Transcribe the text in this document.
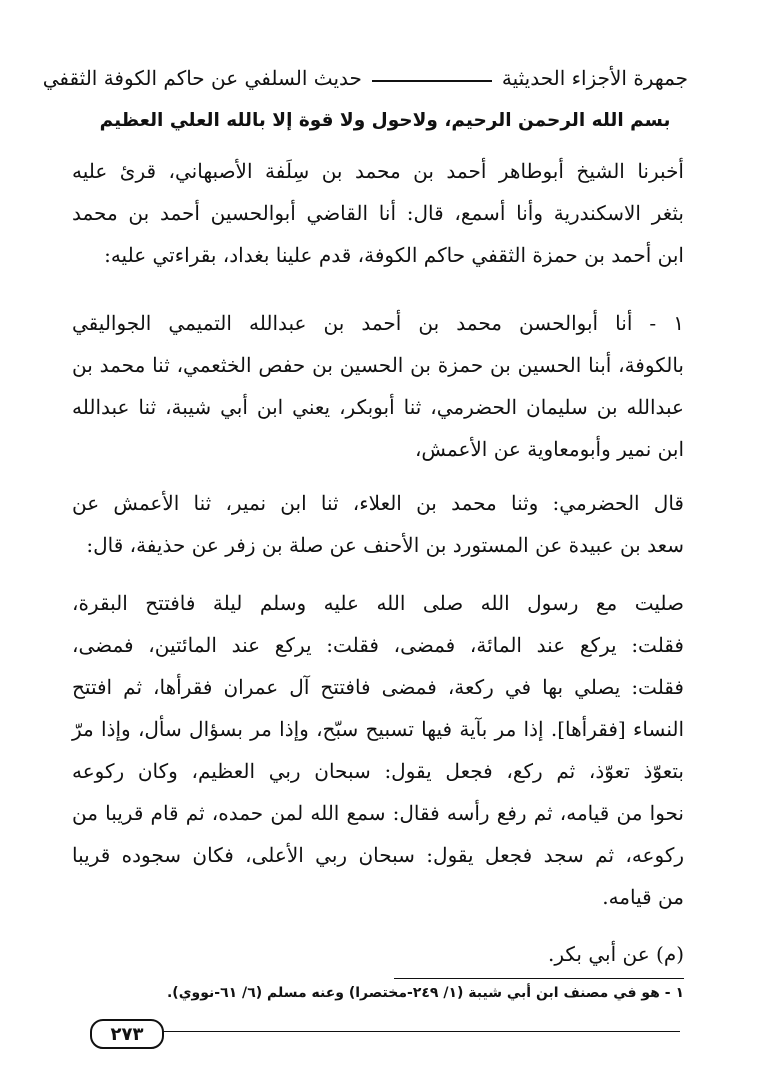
جمهرة الأجزاء الحديثية
حديث السلفي عن حاكم الكوفة الثقفي
بسم الله الرحمن الرحيم، ولاحول ولا قوة إلا بالله العلي العظيم
أخبرنا الشيخ أبوطاهر أحمد بن محمد بن سِلَفة الأصبهاني، قرئ عليه
بثغر الاسكندرية وأنا أسمع، قال: أنا القاضي أبوالحسين أحمد بن محمد
ابن أحمد بن حمزة الثقفي حاكم الكوفة، قدم علينا بغداد، بقراءتي عليه:
١ - أنا أبوالحسن محمد بن أحمد بن عبدالله التميمي الجواليقي
بالكوفة، أبنا الحسين بن حمزة بن الحسين بن حفص الخثعمي، ثنا محمد بن
عبدالله بن سليمان الحضرمي، ثنا أبوبكر، يعني ابن أبي شيبة، ثنا عبدالله
ابن نمير وأبومعاوية عن الأعمش،
قال الحضرمي: وثنا محمد بن العلاء، ثنا ابن نمير، ثنا الأعمش عن
سعد بن عبيدة عن المستورد بن الأحنف عن صلة بن زفر عن حذيفة، قال:
صليت مع رسول الله صلى الله عليه وسلم ليلة فافتتح البقرة،
فقلت: يركع عند المائة، فمضى، فقلت: يركع عند المائتين، فمضى،
فقلت: يصلي بها في ركعة، فمضى فافتتح آل عمران فقرأها، ثم افتتح
النساء [فقرأها]. إذا مر بآية فيها تسبيح سبّح، وإذا مر بسؤال سأل، وإذا مرّ
بتعوّذ تعوّذ، ثم ركع، فجعل يقول: سبحان ربي العظيم، وكان ركوعه
نحوا من قيامه، ثم رفع رأسه فقال: سمع الله لمن حمده، ثم قام قريبا من
ركوعه، ثم سجد فجعل يقول: سبحان ربي الأعلى، فكان سجوده قريبا
من قيامه.
(م) عن أبي بكر.
١ - هو في مصنف ابن أبي شيبة (١/ ٢٤٩-مختصرا) وعنه مسلم (٦/ ٦١-نووي).
٢٧٣
